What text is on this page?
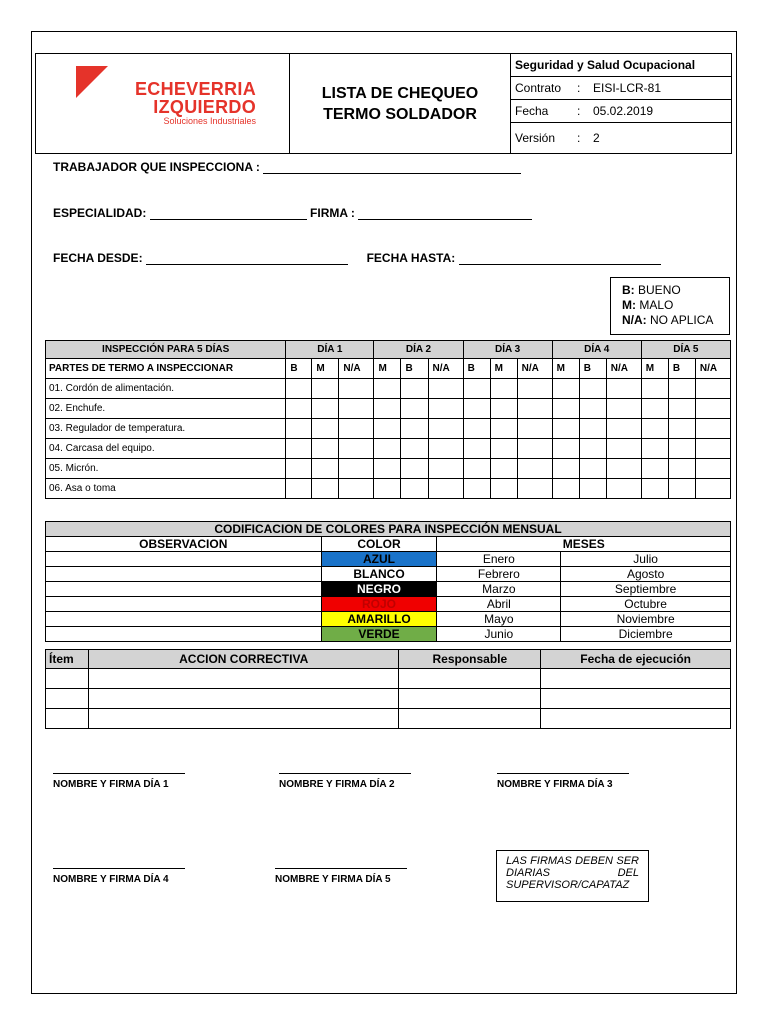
ECHEVERRIA
IZQUIERDO
Soluciones Industriales
	LISTA DE CHEQUEO
TERMO SOLDADOR	Seguridad y Salud Ocupacional
Contrato : EISI-LCR-81
Fecha : 05.02.2019
Versión : 2
TRABAJADOR QUE INSPECCIONA :
ESPECIALIDAD:	FIRMA :
FECHA DESDE:	FECHA HASTA:
B: BUENO
M: MALO
N/A: NO APLICA
INSPECCIÓN PARA 5 DÍAS	DÍA 1			DÍA 2			DÍA 3			DÍA 4			DÍA 5		
PARTES DE TERMO A INSPECCIONAR	B	M	N/A	M	B	N/A	B	M	N/A	M	B	N/A	M	B	N/A
01. Cordón de alimentación.															
02. Enchufe.															
03. Regulador de temperatura.															
04. Carcasa del equipo.															
05. Micrón.															
06. Asa o toma															
CODIFICACION DE COLORES PARA INSPECCIÓN MENSUAL			
OBSERVACION	COLOR	MESES	
	AZUL	Enero	Julio
	BLANCO	Febrero	Agosto
	NEGRO	Marzo	Septiembre
	ROJO	Abril	Octubre
	AMARILLO	Mayo	Noviembre
	VERDE	Junio	Diciembre
Ítem	ACCION CORRECTIVA	Responsable	Fecha de ejecución

NOMBRE Y FIRMA DÍA 1	NOMBRE Y FIRMA DÍA 2	NOMBRE Y FIRMA DÍA 3
NOMBRE Y FIRMA DÍA 4	NOMBRE Y FIRMA DÍA 5
LAS FIRMAS DEBEN SER DIARIAS DEL SUPERVISOR/CAPATAZ
